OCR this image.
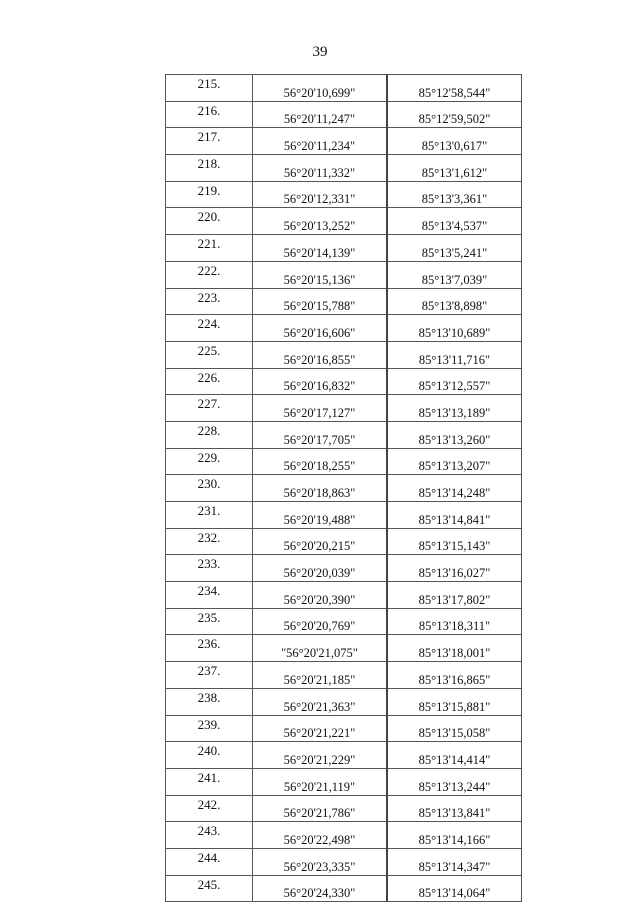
39
215.	56°20'10,699"	85°12'58,544"
216.	56°20'11,247"	85°12'59,502"
217.	56°20'11,234"	85°13'0,617"
218.	56°20'11,332"	85°13'1,612"
219.	56°20'12,331"	85°13'3,361"
220.	56°20'13,252"	85°13'4,537"
221.	56°20'14,139"	85°13'5,241"
222.	56°20'15,136"	85°13'7,039"
223.	56°20'15,788"	85°13'8,898"
224.	56°20'16,606"	85°13'10,689"
225.	56°20'16,855"	85°13'11,716"
226.	56°20'16,832"	85°13'12,557"
227.	56°20'17,127"	85°13'13,189"
228.	56°20'17,705"	85°13'13,260"
229.	56°20'18,255"	85°13'13,207"
230.	56°20'18,863"	85°13'14,248"
231.	56°20'19,488"	85°13'14,841"
232.	56°20'20,215"	85°13'15,143"
233.	56°20'20,039"	85°13'16,027"
234.	56°20'20,390"	85°13'17,802"
235.	56°20'20,769"	85°13'18,311"
236.	"56°20'21,075"	85°13'18,001"
237.	56°20'21,185"	85°13'16,865"
238.	56°20'21,363"	85°13'15,881"
239.	56°20'21,221"	85°13'15,058"
240.	56°20'21,229"	85°13'14,414"
241.	56°20'21,119"	85°13'13,244"
242.	56°20'21,786"	85°13'13,841"
243.	56°20'22,498"	85°13'14,166"
244.	56°20'23,335"	85°13'14,347"
245.	56°20'24,330"	85°13'14,064"
